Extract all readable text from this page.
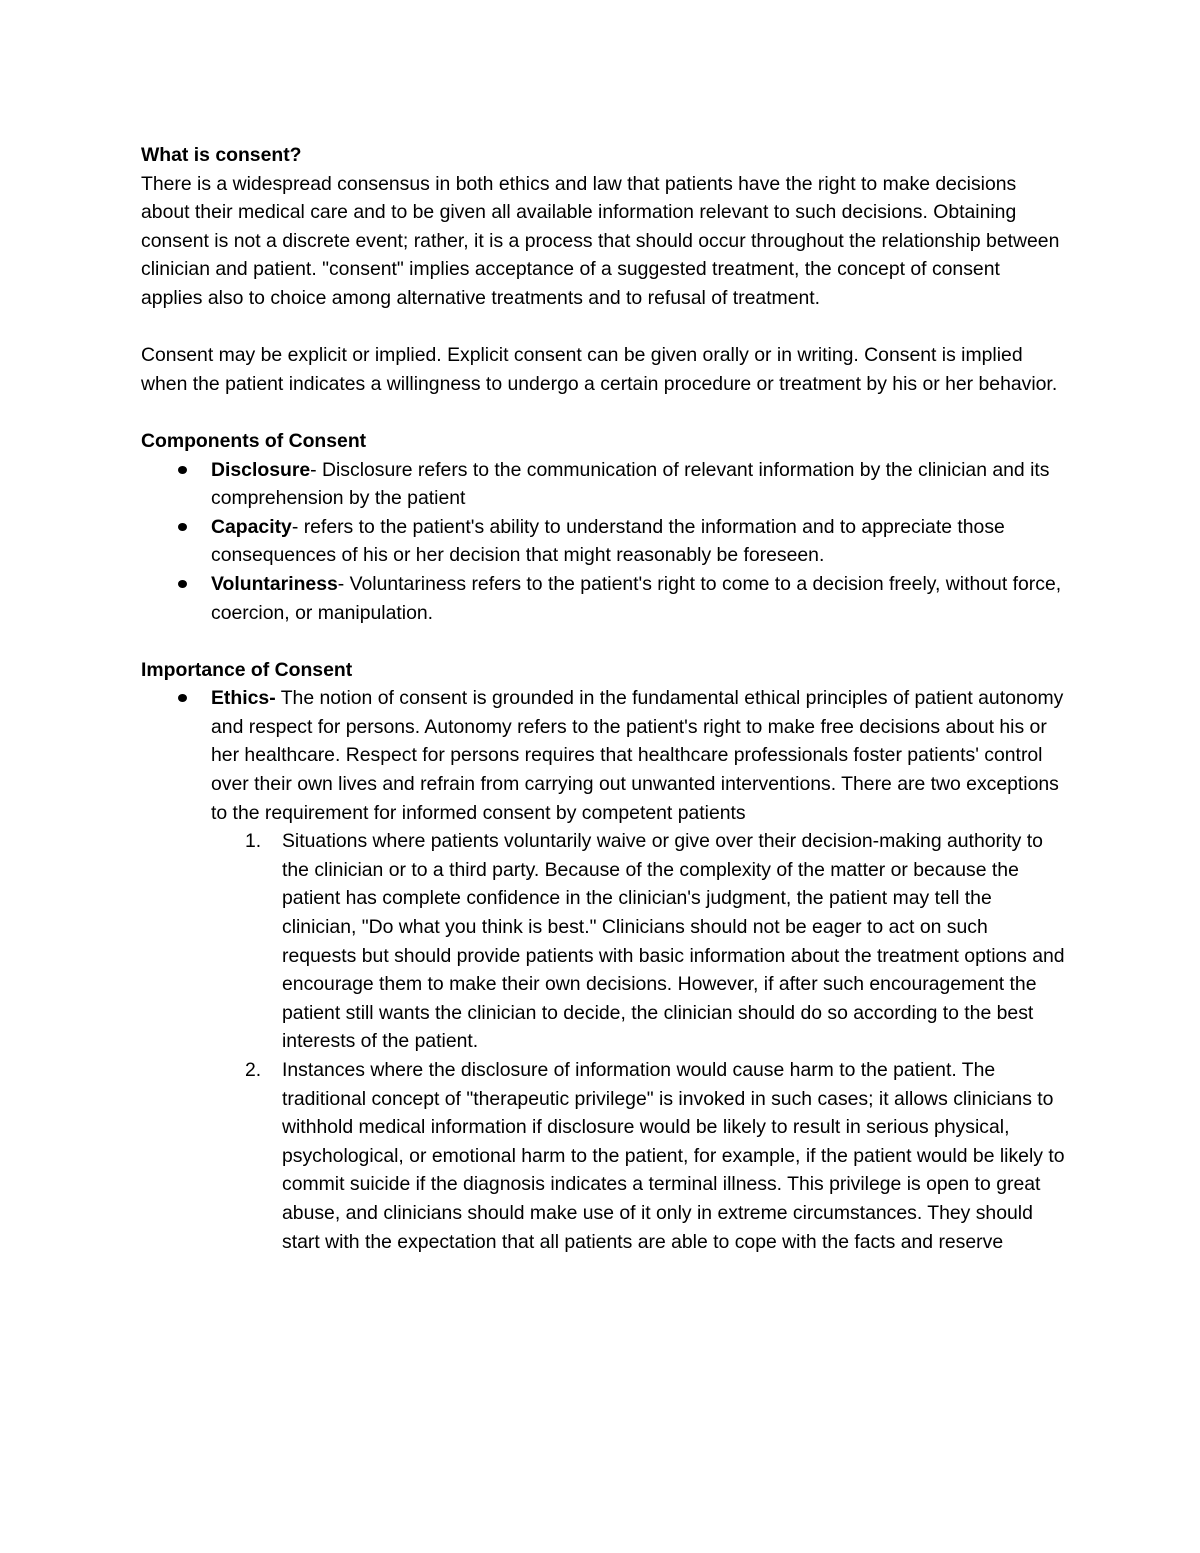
What is consent?

There is a widespread consensus in both ethics and law that patients have the right to make decisions about their medical care and to be given all available information relevant to such decisions. Obtaining consent is not a discrete event; rather, it is a process that should occur throughout the relationship between clinician and patient. "consent" implies acceptance of a suggested treatment, the concept of consent applies also to choice among alternative treatments and to refusal of treatment.

Consent may be explicit or implied. Explicit consent can be given orally or in writing. Consent is implied when the patient indicates a willingness to undergo a certain procedure or treatment by his or her behavior.

Components of Consent

Disclosure- Disclosure refers to the communication of relevant information by the clinician and its comprehension by the patient
Capacity- refers to the patient's ability to understand the information and to appreciate those consequences of his or her decision that might reasonably be foreseen.
Voluntariness- Voluntariness refers to the patient's right to come to a decision freely, without force, coercion, or manipulation.

Importance of Consent

Ethics- The notion of consent is grounded in the fundamental ethical principles of patient autonomy and respect for persons. Autonomy refers to the patient's right to make free decisions about his or her healthcare. Respect for persons requires that healthcare professionals foster patients' control over their own lives and refrain from carrying out unwanted interventions. There are two exceptions to the requirement for informed consent by competent patients
1. Situations where patients voluntarily waive or give over their decision-making authority to the clinician or to a third party. Because of the complexity of the matter or because the patient has complete confidence in the clinician's judgment, the patient may tell the clinician, "Do what you think is best." Clinicians should not be eager to act on such requests but should provide patients with basic information about the treatment options and encourage them to make their own decisions. However, if after such encouragement the patient still wants the clinician to decide, the clinician should do so according to the best interests of the patient.
2. Instances where the disclosure of information would cause harm to the patient. The traditional concept of "therapeutic privilege" is invoked in such cases; it allows clinicians to withhold medical information if disclosure would be likely to result in serious physical, psychological, or emotional harm to the patient, for example, if the patient would be likely to commit suicide if the diagnosis indicates a terminal illness. This privilege is open to great abuse, and clinicians should make use of it only in extreme circumstances. They should start with the expectation that all patients are able to cope with the facts and reserve
